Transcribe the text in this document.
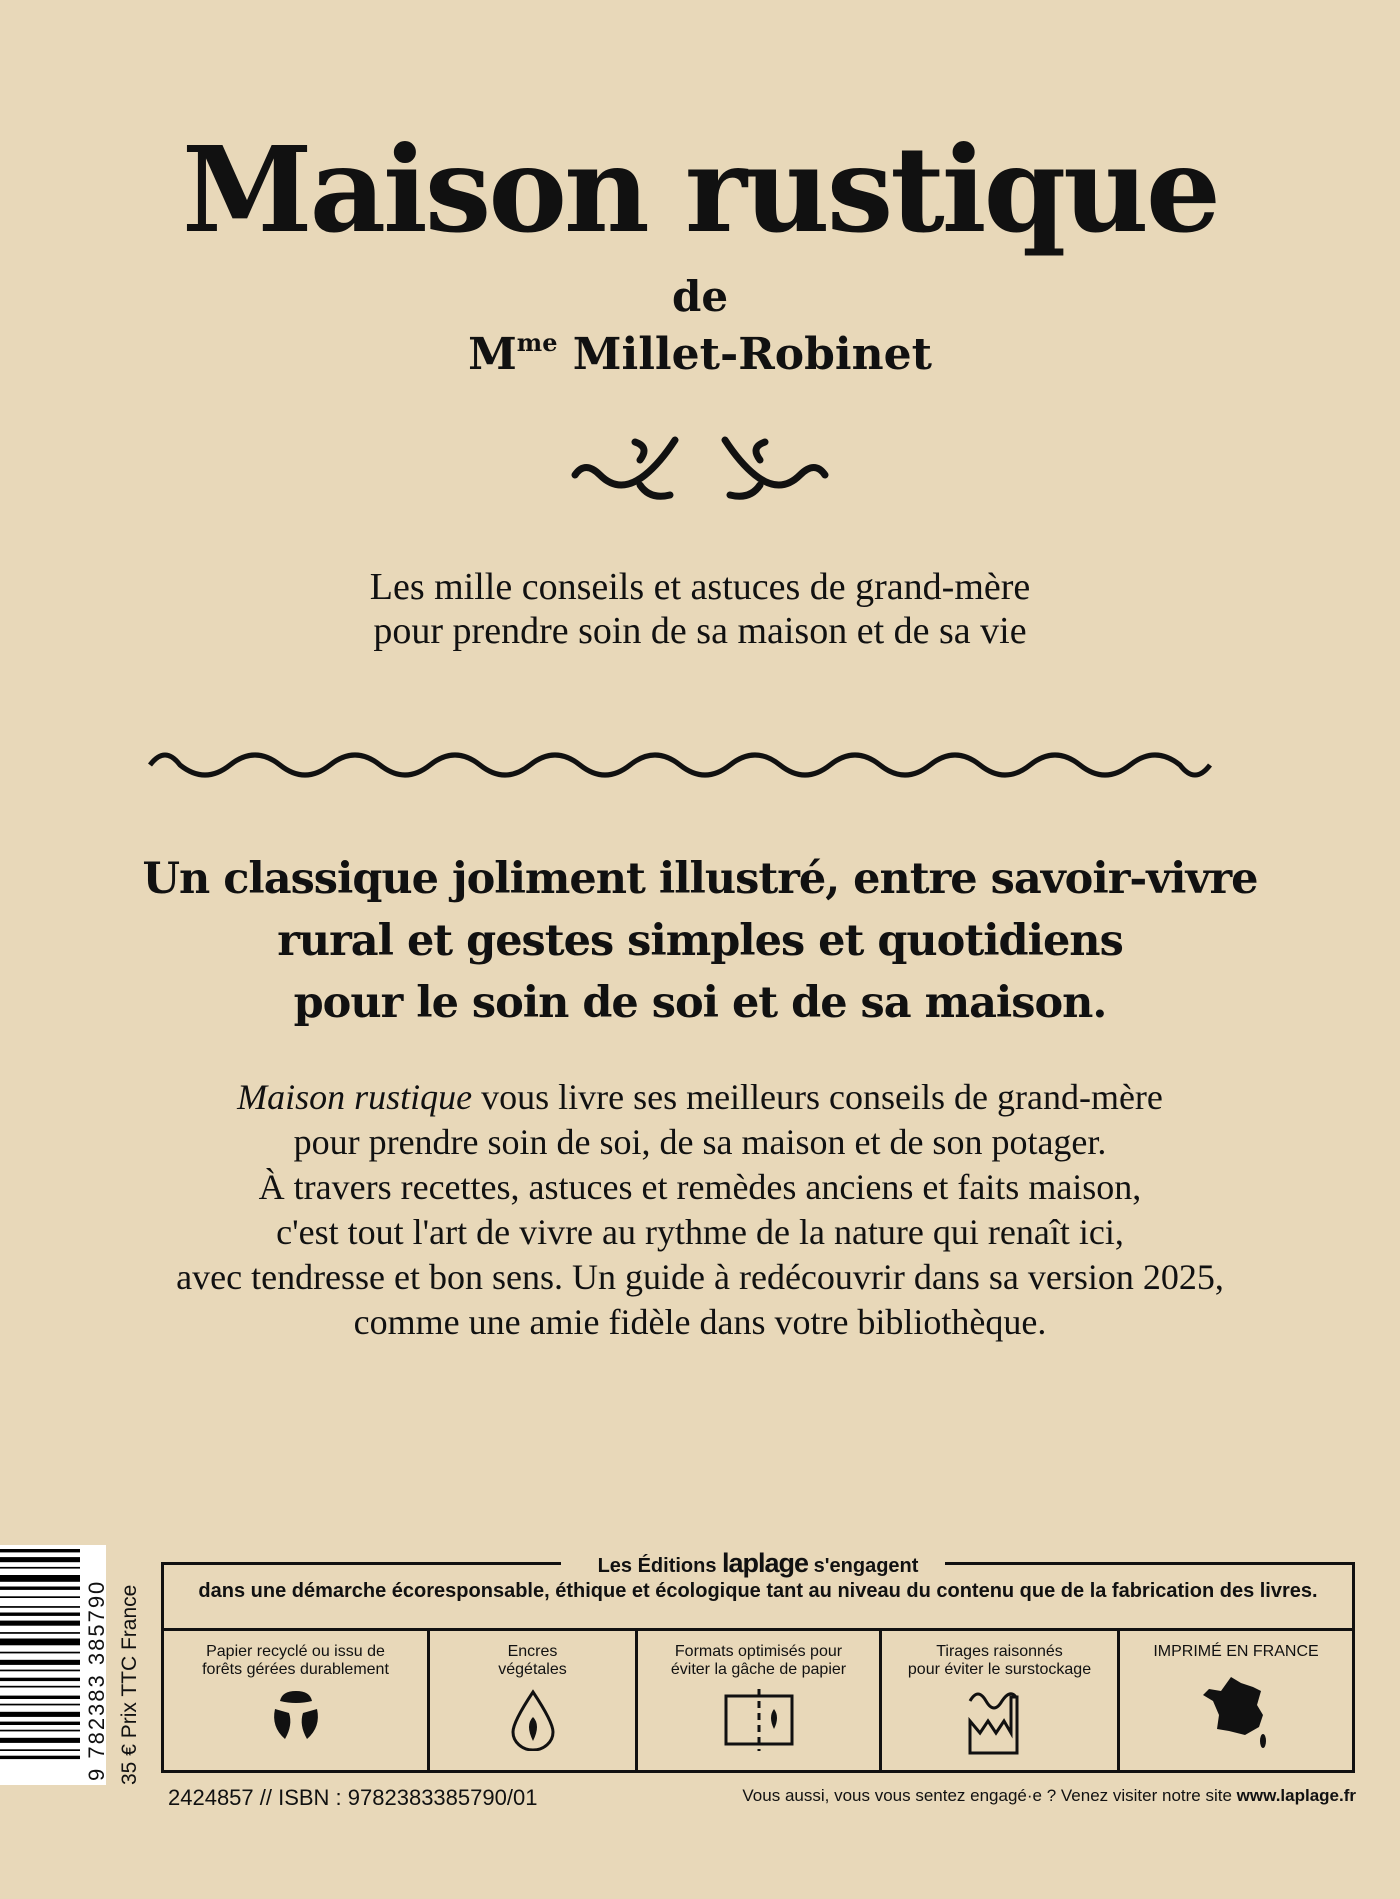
Maison rustique
de
$M^{me}$ Millet-Robinet
Les mille conseils et astuces de grand-mère
pour prendre soin de sa maison et de sa vie
Un classique joliment illustré, entre savoir-vivre
rural et gestes simples et quotidiens
pour le soin de soi et de sa maison.
Maison rustique vous livre ses meilleurs conseils de grand-mère
pour prendre soin de soi, de sa maison et de son potager.
À travers recettes, astuces et remèdes anciens et faits maison,
c'est tout l'art de vivre au rythme de la nature qui renaît ici,
avec tendresse et bon sens. Un guide à redécouvrir dans sa version 2025,
comme une amie fidèle dans votre bibliothèque.
9 782383 385790 35 € Prix TTC France
Les Éditions laplage s'engagent
dans une démarche écoresponsable, éthique et écologique tant au niveau du contenu que de la fabrication des livres.
Papier recyclé ou issu de
forêts gérées durablement
Encres
végétales
Formats optimisés pour
éviter la gâche de papier
Tirages raisonnés
pour éviter le surstockage
IMPRIMÉ EN FRANCE
2424857 // ISBN : 9782383385790/01	Vous aussi, vous vous sentez engagé·e ? Venez visiter notre site www.laplage.fr
